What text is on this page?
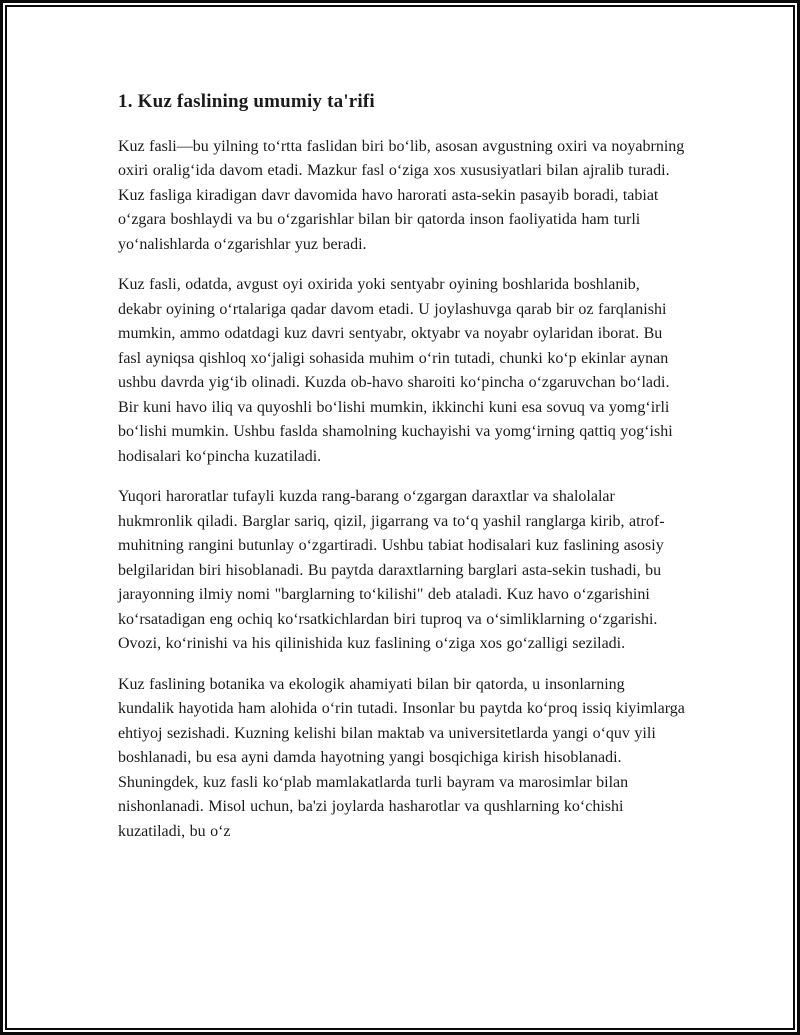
1. Kuz faslining umumiy ta'rifi

Kuz fasli—bu yilning to‘rtta faslidan biri bo‘lib, asosan avgustning oxiri va noyabrning oxiri oralig‘ida davom etadi. Mazkur fasl o‘ziga xos xususiyatlari bilan ajralib turadi. Kuz fasliga kiradigan davr davomida havo harorati asta-sekin pasayib boradi, tabiat o‘zgara boshlaydi va bu o‘zgarishlar bilan bir qatorda inson faoliyatida ham turli yo‘nalishlarda o‘zgarishlar yuz beradi.

Kuz fasli, odatda, avgust oyi oxirida yoki sentyabr oyining boshlarida boshlanib, dekabr oyining o‘rtalariga qadar davom etadi. U joylashuvga qarab bir oz farqlanishi mumkin, ammo odatdagi kuz davri sentyabr, oktyabr va noyabr oylaridan iborat. Bu fasl ayniqsa qishloq xo‘jaligi sohasida muhim o‘rin tutadi, chunki ko‘p ekinlar aynan ushbu davrda yig‘ib olinadi. Kuzda ob-havo sharoiti ko‘pincha o‘zgaruvchan bo‘ladi. Bir kuni havo iliq va quyoshli bo‘lishi mumkin, ikkinchi kuni esa sovuq va yomg‘irli bo‘lishi mumkin. Ushbu faslda shamolning kuchayishi va yomg‘irning qattiq yog‘ishi hodisalari ko‘pincha kuzatiladi.

Yuqori haroratlar tufayli kuzda rang-barang o‘zgargan daraxtlar va shalolalar hukmronlik qiladi. Barglar sariq, qizil, jigarrang va to‘q yashil ranglarga kirib, atrof-muhitning rangini butunlay o‘zgartiradi. Ushbu tabiat hodisalari kuz faslining asosiy belgilaridan biri hisoblanadi. Bu paytda daraxtlarning barglari asta-sekin tushadi, bu jarayonning ilmiy nomi "barglarning to‘kilishi" deb ataladi. Kuz havo o‘zgarishini ko‘rsatadigan eng ochiq ko‘rsatkichlardan biri tuproq va o‘simliklarning o‘zgarishi. Ovozi, ko‘rinishi va his qilinishida kuz faslining o‘ziga xos go‘zalligi seziladi.

Kuz faslining botanika va ekologik ahamiyati bilan bir qatorda, u insonlarning kundalik hayotida ham alohida o‘rin tutadi. Insonlar bu paytda ko‘proq issiq kiyimlarga ehtiyoj sezishadi. Kuzning kelishi bilan maktab va universitetlarda yangi o‘quv yili boshlanadi, bu esa ayni damda hayotning yangi bosqichiga kirish hisoblanadi. Shuningdek, kuz fasli ko‘plab mamlakatlarda turli bayram va marosimlar bilan nishonlanadi. Misol uchun, ba'zi joylarda hasharotlar va qushlarning ko‘chishi kuzatiladi, bu o‘z
